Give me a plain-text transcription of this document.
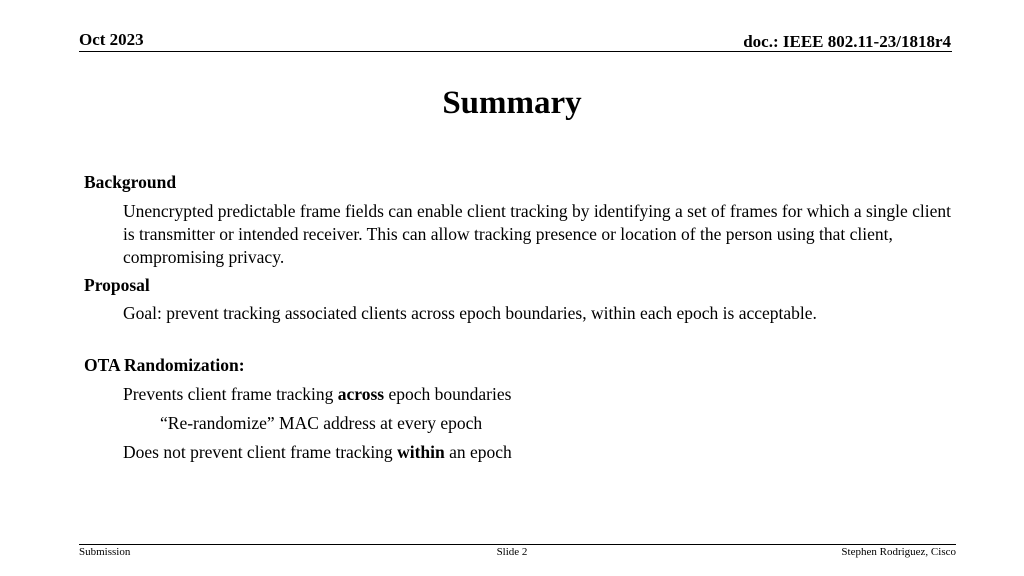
Oct 2023	doc.: IEEE 802.11-23/1818r4
Summary
Background
Unencrypted predictable frame fields can enable client tracking by identifying a set of frames for which a single client is transmitter or intended receiver. This can allow tracking presence or location of the person using that client, compromising privacy.
Proposal
Goal: prevent tracking associated clients across epoch boundaries, within each epoch is acceptable.
OTA Randomization:
Prevents client frame tracking across epoch boundaries
“Re-randomize” MAC address at every epoch
Does not prevent client frame tracking within an epoch
Submission	Slide 2	Stephen Rodriguez, Cisco
